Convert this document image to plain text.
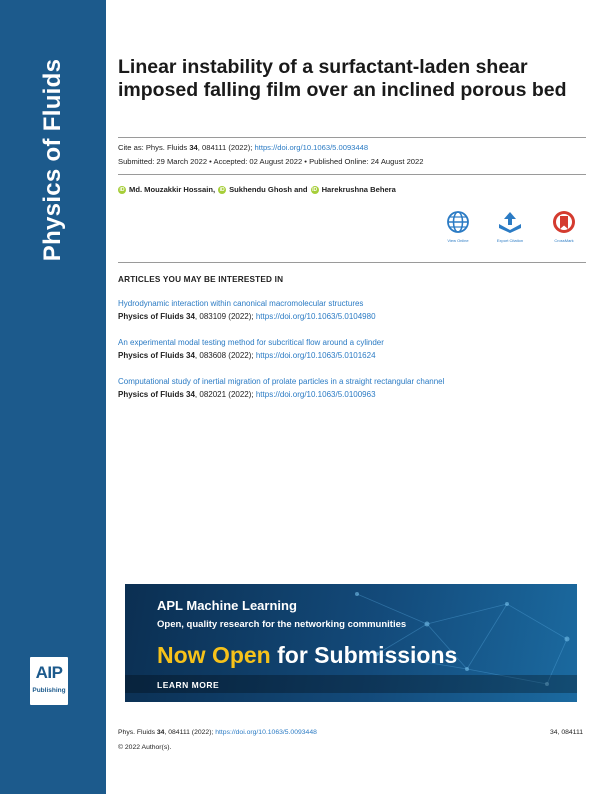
Physics of Fluids
AIP
Publishing
Linear instability of a surfactant-laden shear imposed falling film over an inclined porous bed
Cite as: Phys. Fluids 34, 084111 (2022); https://doi.org/10.1063/5.0093448
Submitted: 29 March 2022 • Accepted: 02 August 2022 • Published Online: 24 August 2022
iD Md. Mouzakkir Hossain, iD Sukhendu Ghosh and iD Harekrushna Behera
View Online	Export Citation	CrossMark
ARTICLES YOU MAY BE INTERESTED IN
Hydrodynamic interaction within canonical macromolecular structures
Physics of Fluids 34, 083109 (2022); https://doi.org/10.1063/5.0104980
An experimental modal testing method for subcritical flow around a cylinder
Physics of Fluids 34, 083608 (2022); https://doi.org/10.1063/5.0101624
Computational study of inertial migration of prolate particles in a straight rectangular channel
Physics of Fluids 34, 082021 (2022); https://doi.org/10.1063/5.0100963
APL Machine Learning
Open, quality research for the networking communities
Now Open for Submissions
LEARN MORE
Phys. Fluids 34, 084111 (2022); https://doi.org/10.1063/5.0093448	34, 084111
© 2022 Author(s).
